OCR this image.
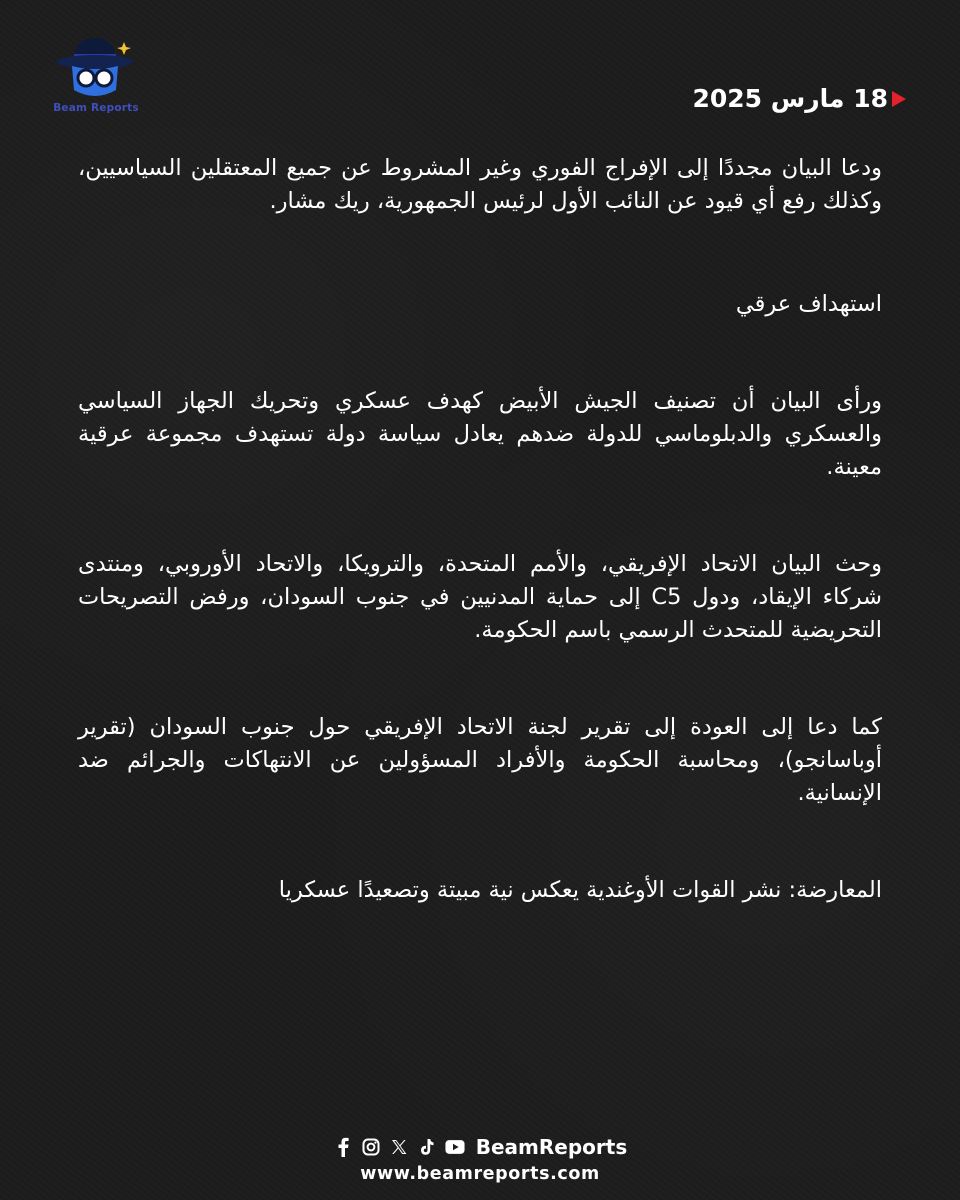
Beam Reports	18 مارس 2025

ودعا البيان مجددًا إلى الإفراج الفوري وغير المشروط عن جميع المعتقلين السياسيين، وكذلك رفع أي قيود عن النائب الأول لرئيس الجمهورية، ريك مشار.

استهداف عرقي

ورأى البيان أن تصنيف الجيش الأبيض كهدف عسكري وتحريك الجهاز السياسي والعسكري والدبلوماسي للدولة ضدهم يعادل سياسة دولة تستهدف مجموعة عرقية معينة.

وحث البيان الاتحاد الإفريقي، والأمم المتحدة، والترويكا، والاتحاد الأوروبي، ومنتدى شركاء الإيقاد، ودول C5 إلى حماية المدنيين في جنوب السودان، ورفض التصريحات التحريضية للمتحدث الرسمي باسم الحكومة.

كما دعا إلى العودة إلى تقرير لجنة الاتحاد الإفريقي حول جنوب السودان (تقرير أوباسانجو)، ومحاسبة الحكومة والأفراد المسؤولين عن الانتهاكات والجرائم ضد الإنسانية.

المعارضة: نشر القوات الأوغندية يعكس نية مبيتة وتصعيدًا عسكريا

BeamReports
www.beamreports.com
